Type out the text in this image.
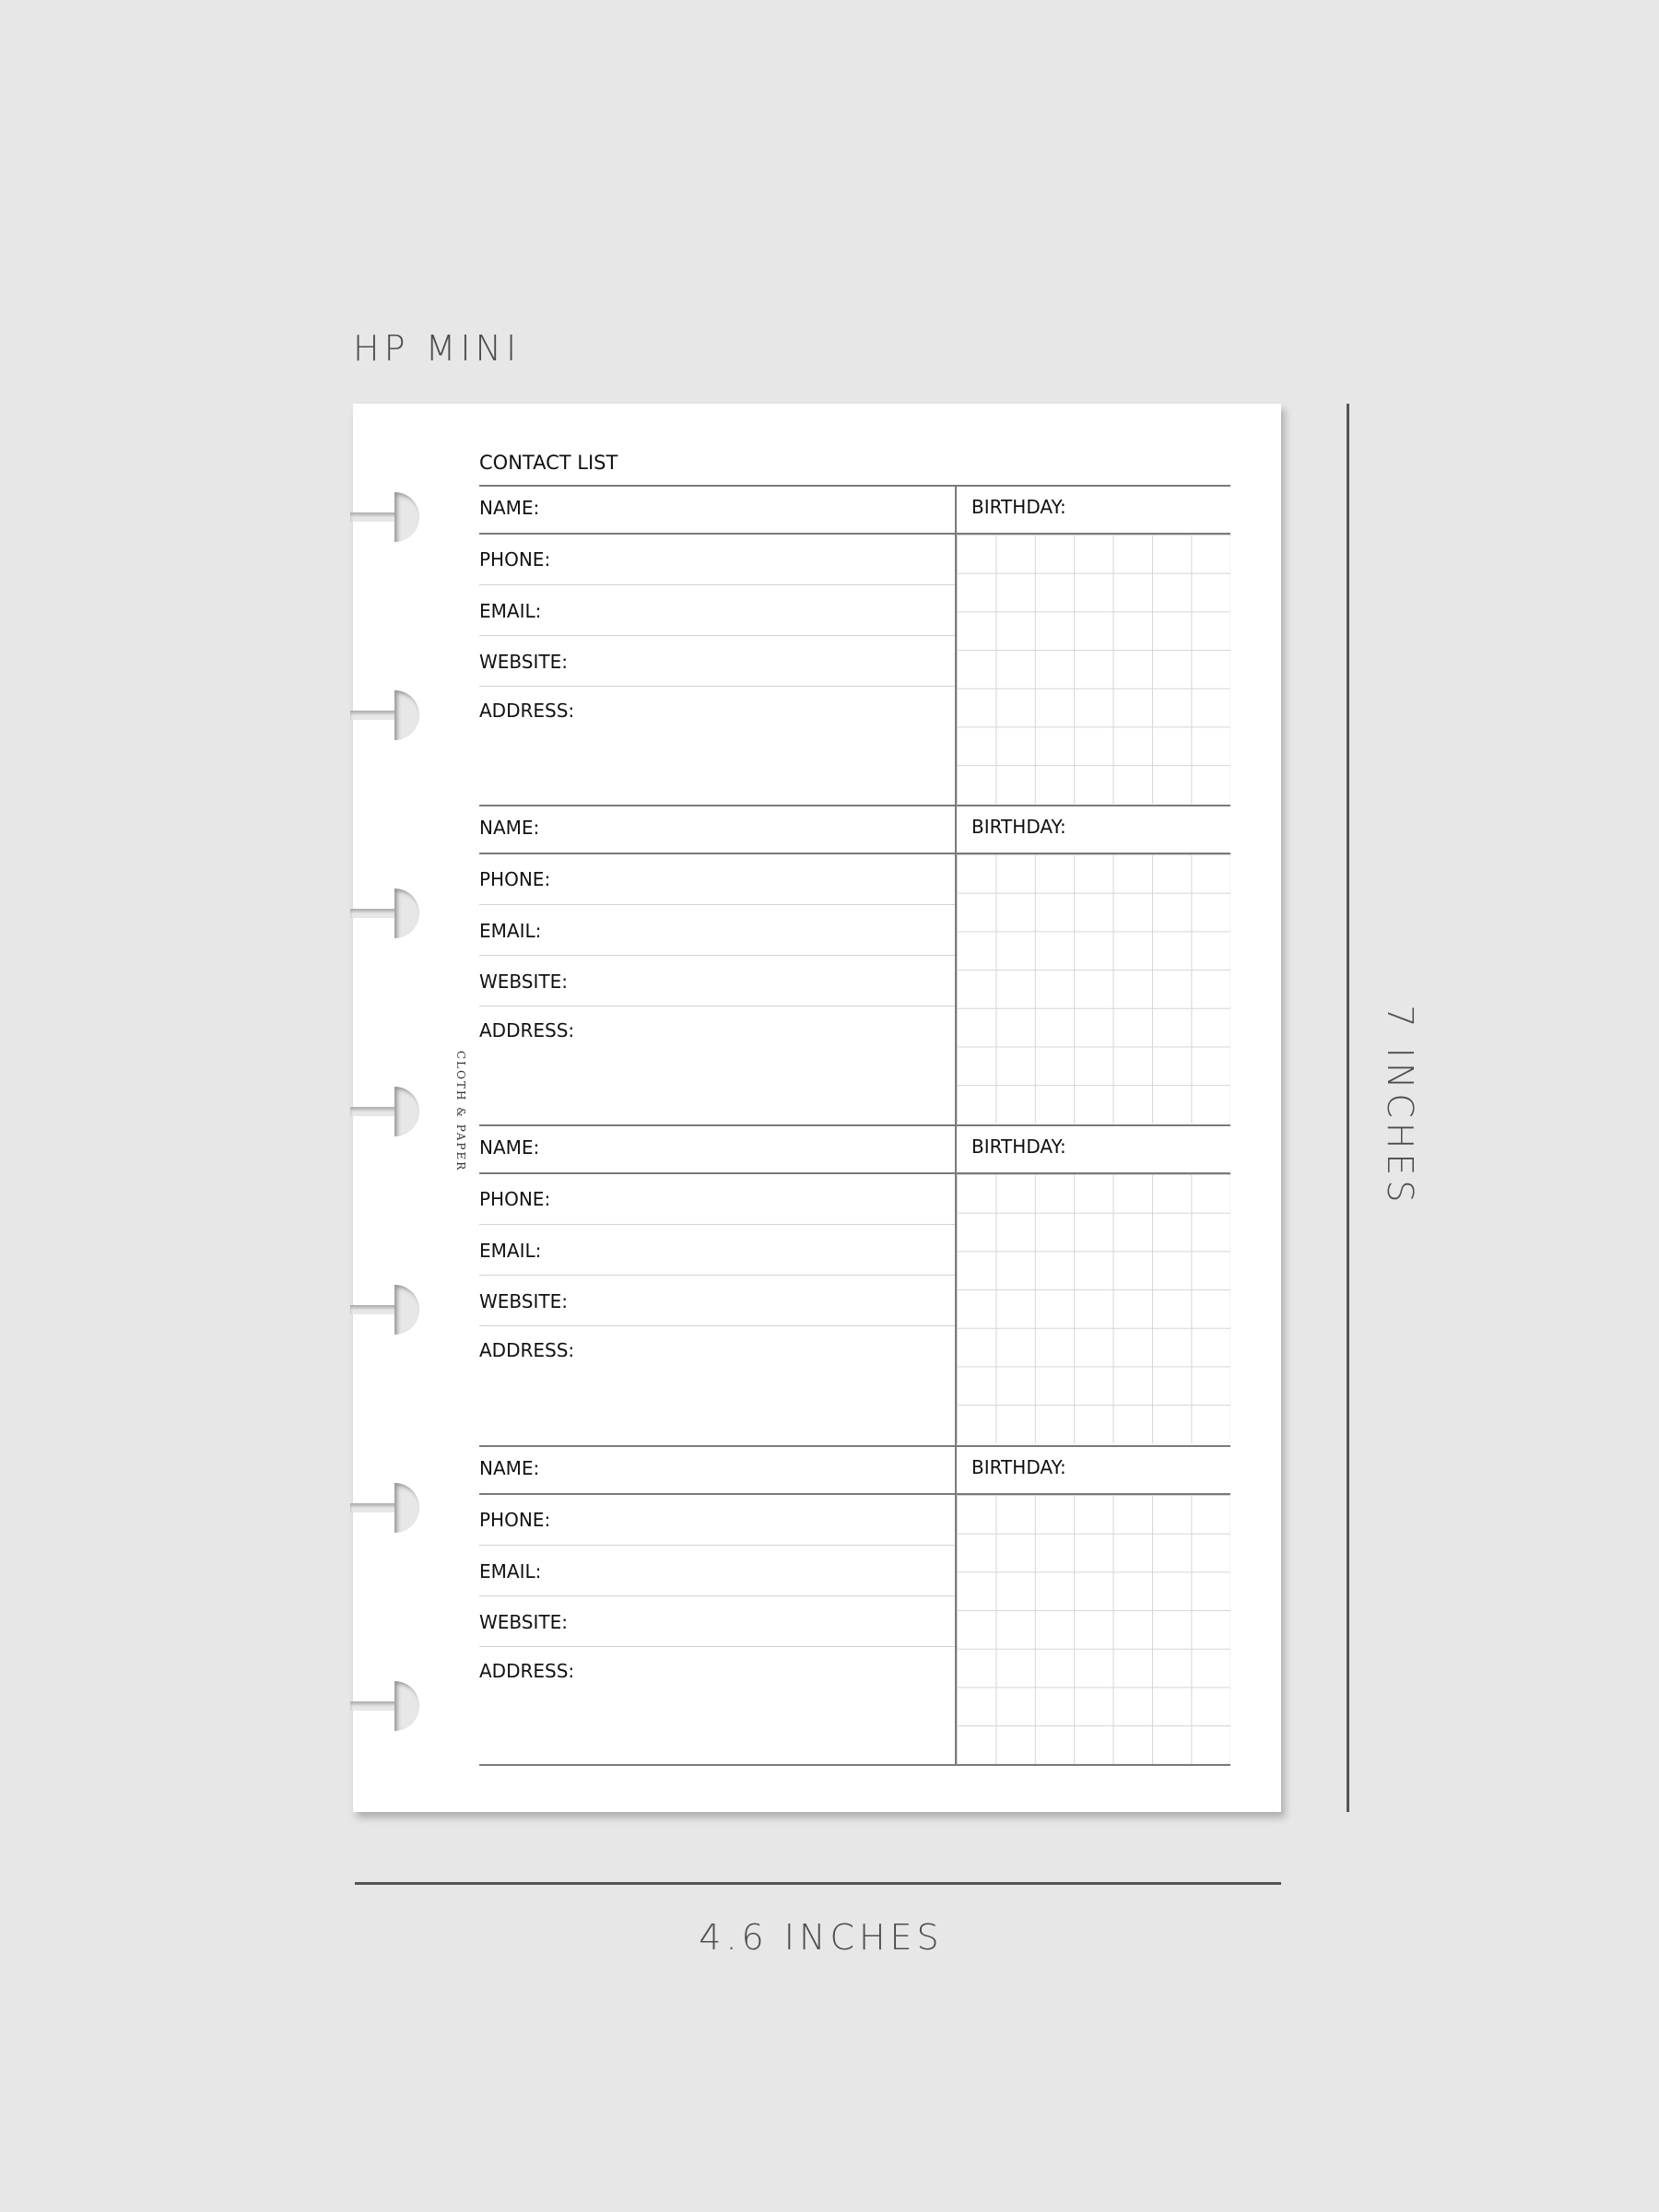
HP MINI
CLOTH & PAPER
CONTACT LIST
NAME:	BIRTHDAY:
PHONE:
EMAIL:
WEBSITE:
ADDRESS:
NAME:	BIRTHDAY:
PHONE:
EMAIL:
WEBSITE:
ADDRESS:
NAME:	BIRTHDAY:
PHONE:
EMAIL:
WEBSITE:
ADDRESS:
NAME:	BIRTHDAY:
PHONE:
EMAIL:
WEBSITE:
ADDRESS:
7 INCHES
4.6 INCHES
